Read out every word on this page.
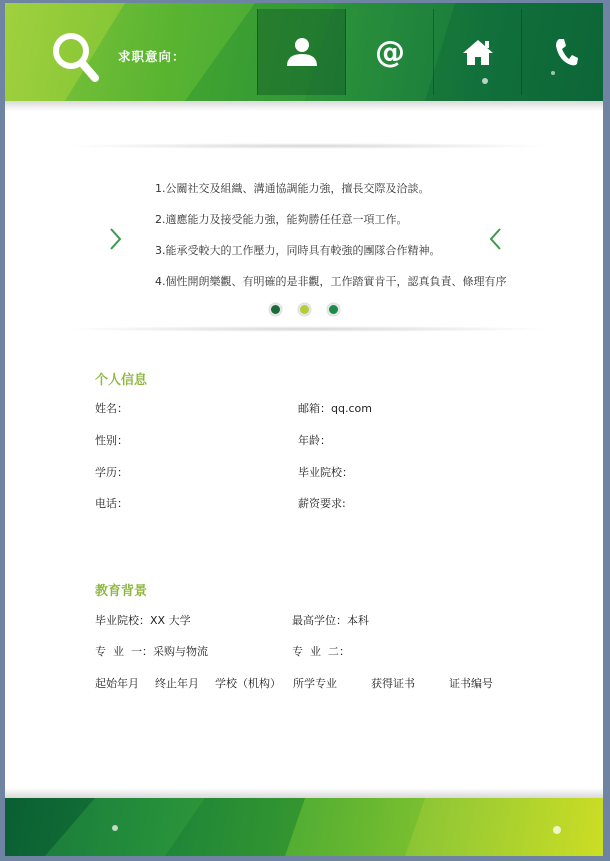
求职意向：	@
1.公關社交及組織、溝通協調能力強，擅長交際及洽談。
2.適應能力及接受能力強，能夠勝任任意一項工作。
3.能承受較大的工作壓力，同時具有較強的團隊合作精神。
4.個性開朗樂觀、有明確的是非觀，工作踏實肯干，認真負責、條理有序

个人信息
姓名：	邮箱：qq.com
性别：	年龄：
学历：	毕业院校：
电话：	薪资要求:
教育背景
毕业院校：XX 大学	最高学位：本科
专  业  一：采购与物流	专  业  二：
起始年月 终止年月 学校（机构） 所学专业	获得证书	证书编号
